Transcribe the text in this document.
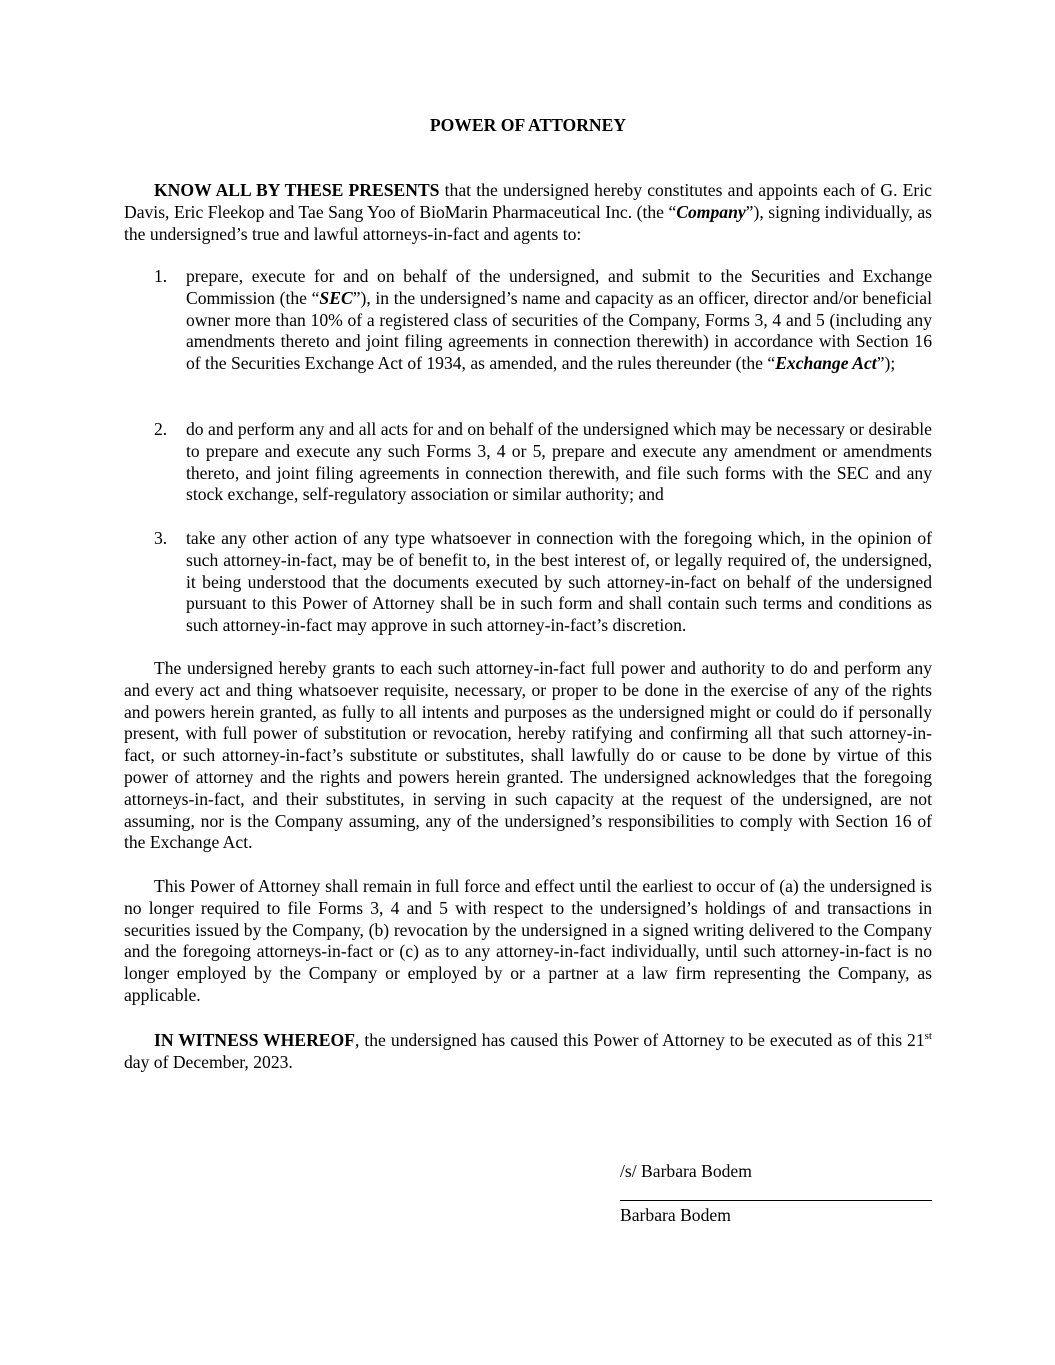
POWER OF ATTORNEY

KNOW ALL BY THESE PRESENTS that the undersigned hereby constitutes and appoints each of G. Eric Davis, Eric Fleekop and Tae Sang Yoo of BioMarin Pharmaceutical Inc. (the “Company”), signing individually, as the undersigned’s true and lawful attorneys-in-fact and agents to:

1.	prepare, execute for and on behalf of the undersigned, and submit to the Securities and Exchange Commission (the “SEC”), in the undersigned’s name and capacity as an officer, director and/or beneficial owner more than 10% of a registered class of securities of the Company, Forms 3, 4 and 5 (including any amendments thereto and joint filing agreements in connection therewith) in accordance with Section 16 of the Securities Exchange Act of 1934, as amended, and the rules thereunder (the “Exchange Act”);

2.	do and perform any and all acts for and on behalf of the undersigned which may be necessary or desirable to prepare and execute any such Forms 3, 4 or 5, prepare and execute any amendment or amendments thereto, and joint filing agreements in connection therewith, and file such forms with the SEC and any stock exchange, self-regulatory association or similar authority; and

3.	take any other action of any type whatsoever in connection with the foregoing which, in the opinion of such attorney-in-fact, may be of benefit to, in the best interest of, or legally required of, the undersigned, it being understood that the documents executed by such attorney-in-fact on behalf of the undersigned pursuant to this Power of Attorney shall be in such form and shall contain such terms and conditions as such attorney-in-fact may approve in such attorney-in-fact’s discretion.

The undersigned hereby grants to each such attorney-in-fact full power and authority to do and perform any and every act and thing whatsoever requisite, necessary, or proper to be done in the exercise of any of the rights and powers herein granted, as fully to all intents and purposes as the undersigned might or could do if personally present, with full power of substitution or revocation, hereby ratifying and confirming all that such attorney-in-fact, or such attorney-in-fact’s substitute or substitutes, shall lawfully do or cause to be done by virtue of this power of attorney and the rights and powers herein granted. The undersigned acknowledges that the foregoing attorneys-in-fact, and their substitutes, in serving in such capacity at the request of the undersigned, are not assuming, nor is the Company assuming, any of the undersigned’s responsibilities to comply with Section 16 of the Exchange Act.

This Power of Attorney shall remain in full force and effect until the earliest to occur of (a) the undersigned is no longer required to file Forms 3, 4 and 5 with respect to the undersigned’s holdings of and transactions in securities issued by the Company, (b) revocation by the undersigned in a signed writing delivered to the Company and the foregoing attorneys-in-fact or (c) as to any attorney-in-fact individually, until such attorney-in-fact is no longer employed by the Company or employed by or a partner at a law firm representing the Company, as applicable.

IN WITNESS WHEREOF, the undersigned has caused this Power of Attorney to be executed as of this 21st day of December, 2023.

/s/ Barbara Bodem
Barbara Bodem
